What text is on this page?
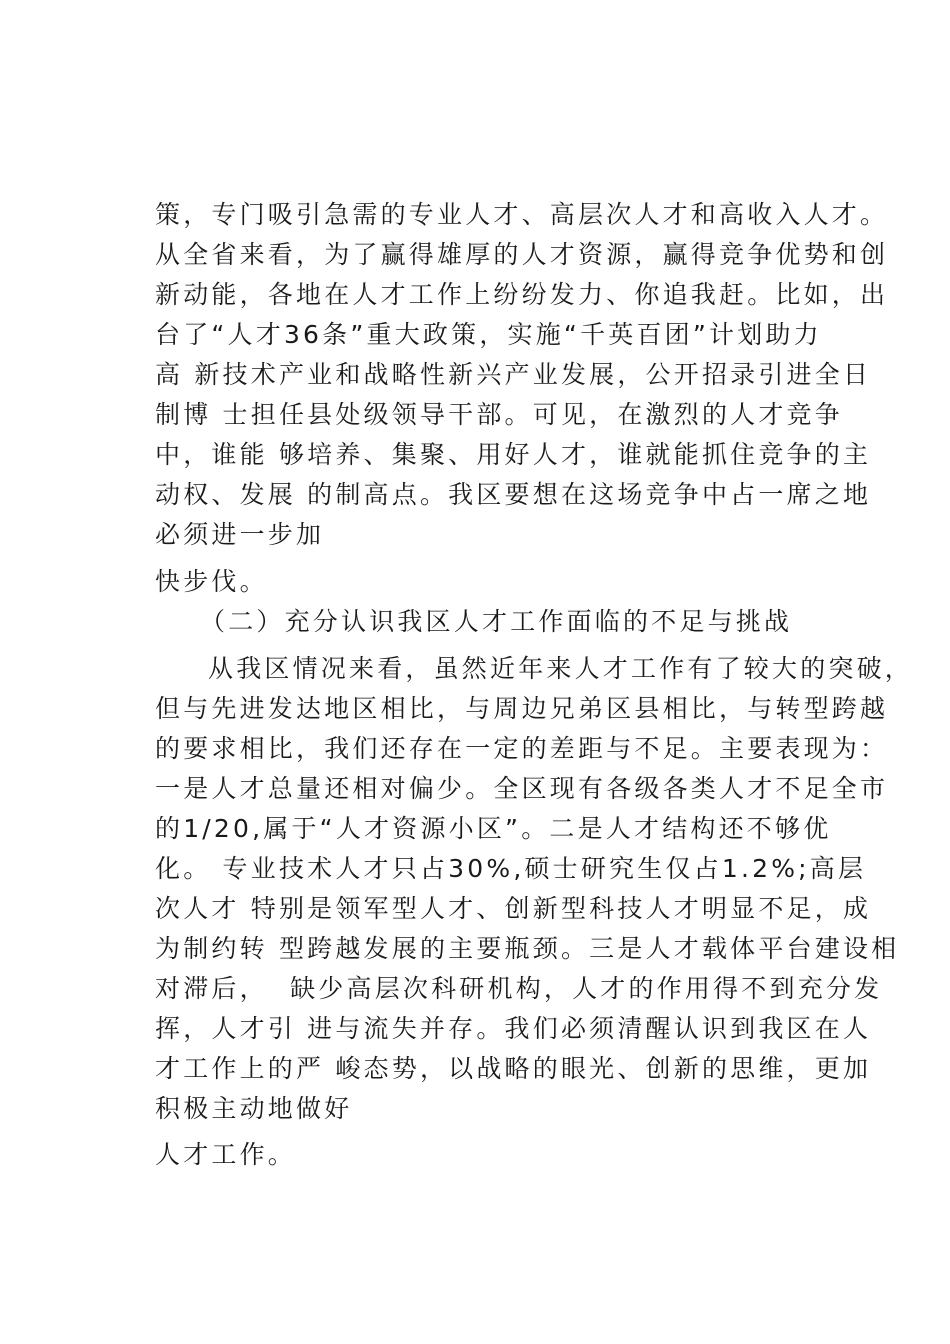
策，专门吸引急需的专业人才、高层次人才和高收入人才。
从全省来看，为了赢得雄厚的人才资源，赢得竞争优势和创
新动能，各地在人才工作上纷纷发力、你追我赶。比如，出
台了“人才36条”重大政策，实施“千英百团”计划助力
高 新技术产业和战略性新兴产业发展，公开招录引进全日
制博 士担任县处级领导干部。可见，在激烈的人才竞争
中，谁能 够培养、集聚、用好人才，谁就能抓住竞争的主
动权、发展 的制高点。我区要想在这场竞争中占一席之地
必须进一步加
快步伐。
（二）充分认识我区人才工作面临的不足与挑战
从我区情况来看，虽然近年来人才工作有了较大的突破，
但与先进发达地区相比，与周边兄弟区县相比，与转型跨越
的要求相比，我们还存在一定的差距与不足。主要表现为：
一是人才总量还相对偏少。全区现有各级各类人才不足全市
的1/20,属于“人才资源小区”。二是人才结构还不够优
化。 专业技术人才只占30%,硕士研究生仅占1.2%;高层
次人才 特别是领军型人才、创新型科技人才明显不足，成
为制约转 型跨越发展的主要瓶颈。三是人才载体平台建设相
对滞后，  缺少高层次科研机构，人才的作用得不到充分发
挥，人才引 进与流失并存。我们必须清醒认识到我区在人
才工作上的严 峻态势，以战略的眼光、创新的思维，更加
积极主动地做好
人才工作。
